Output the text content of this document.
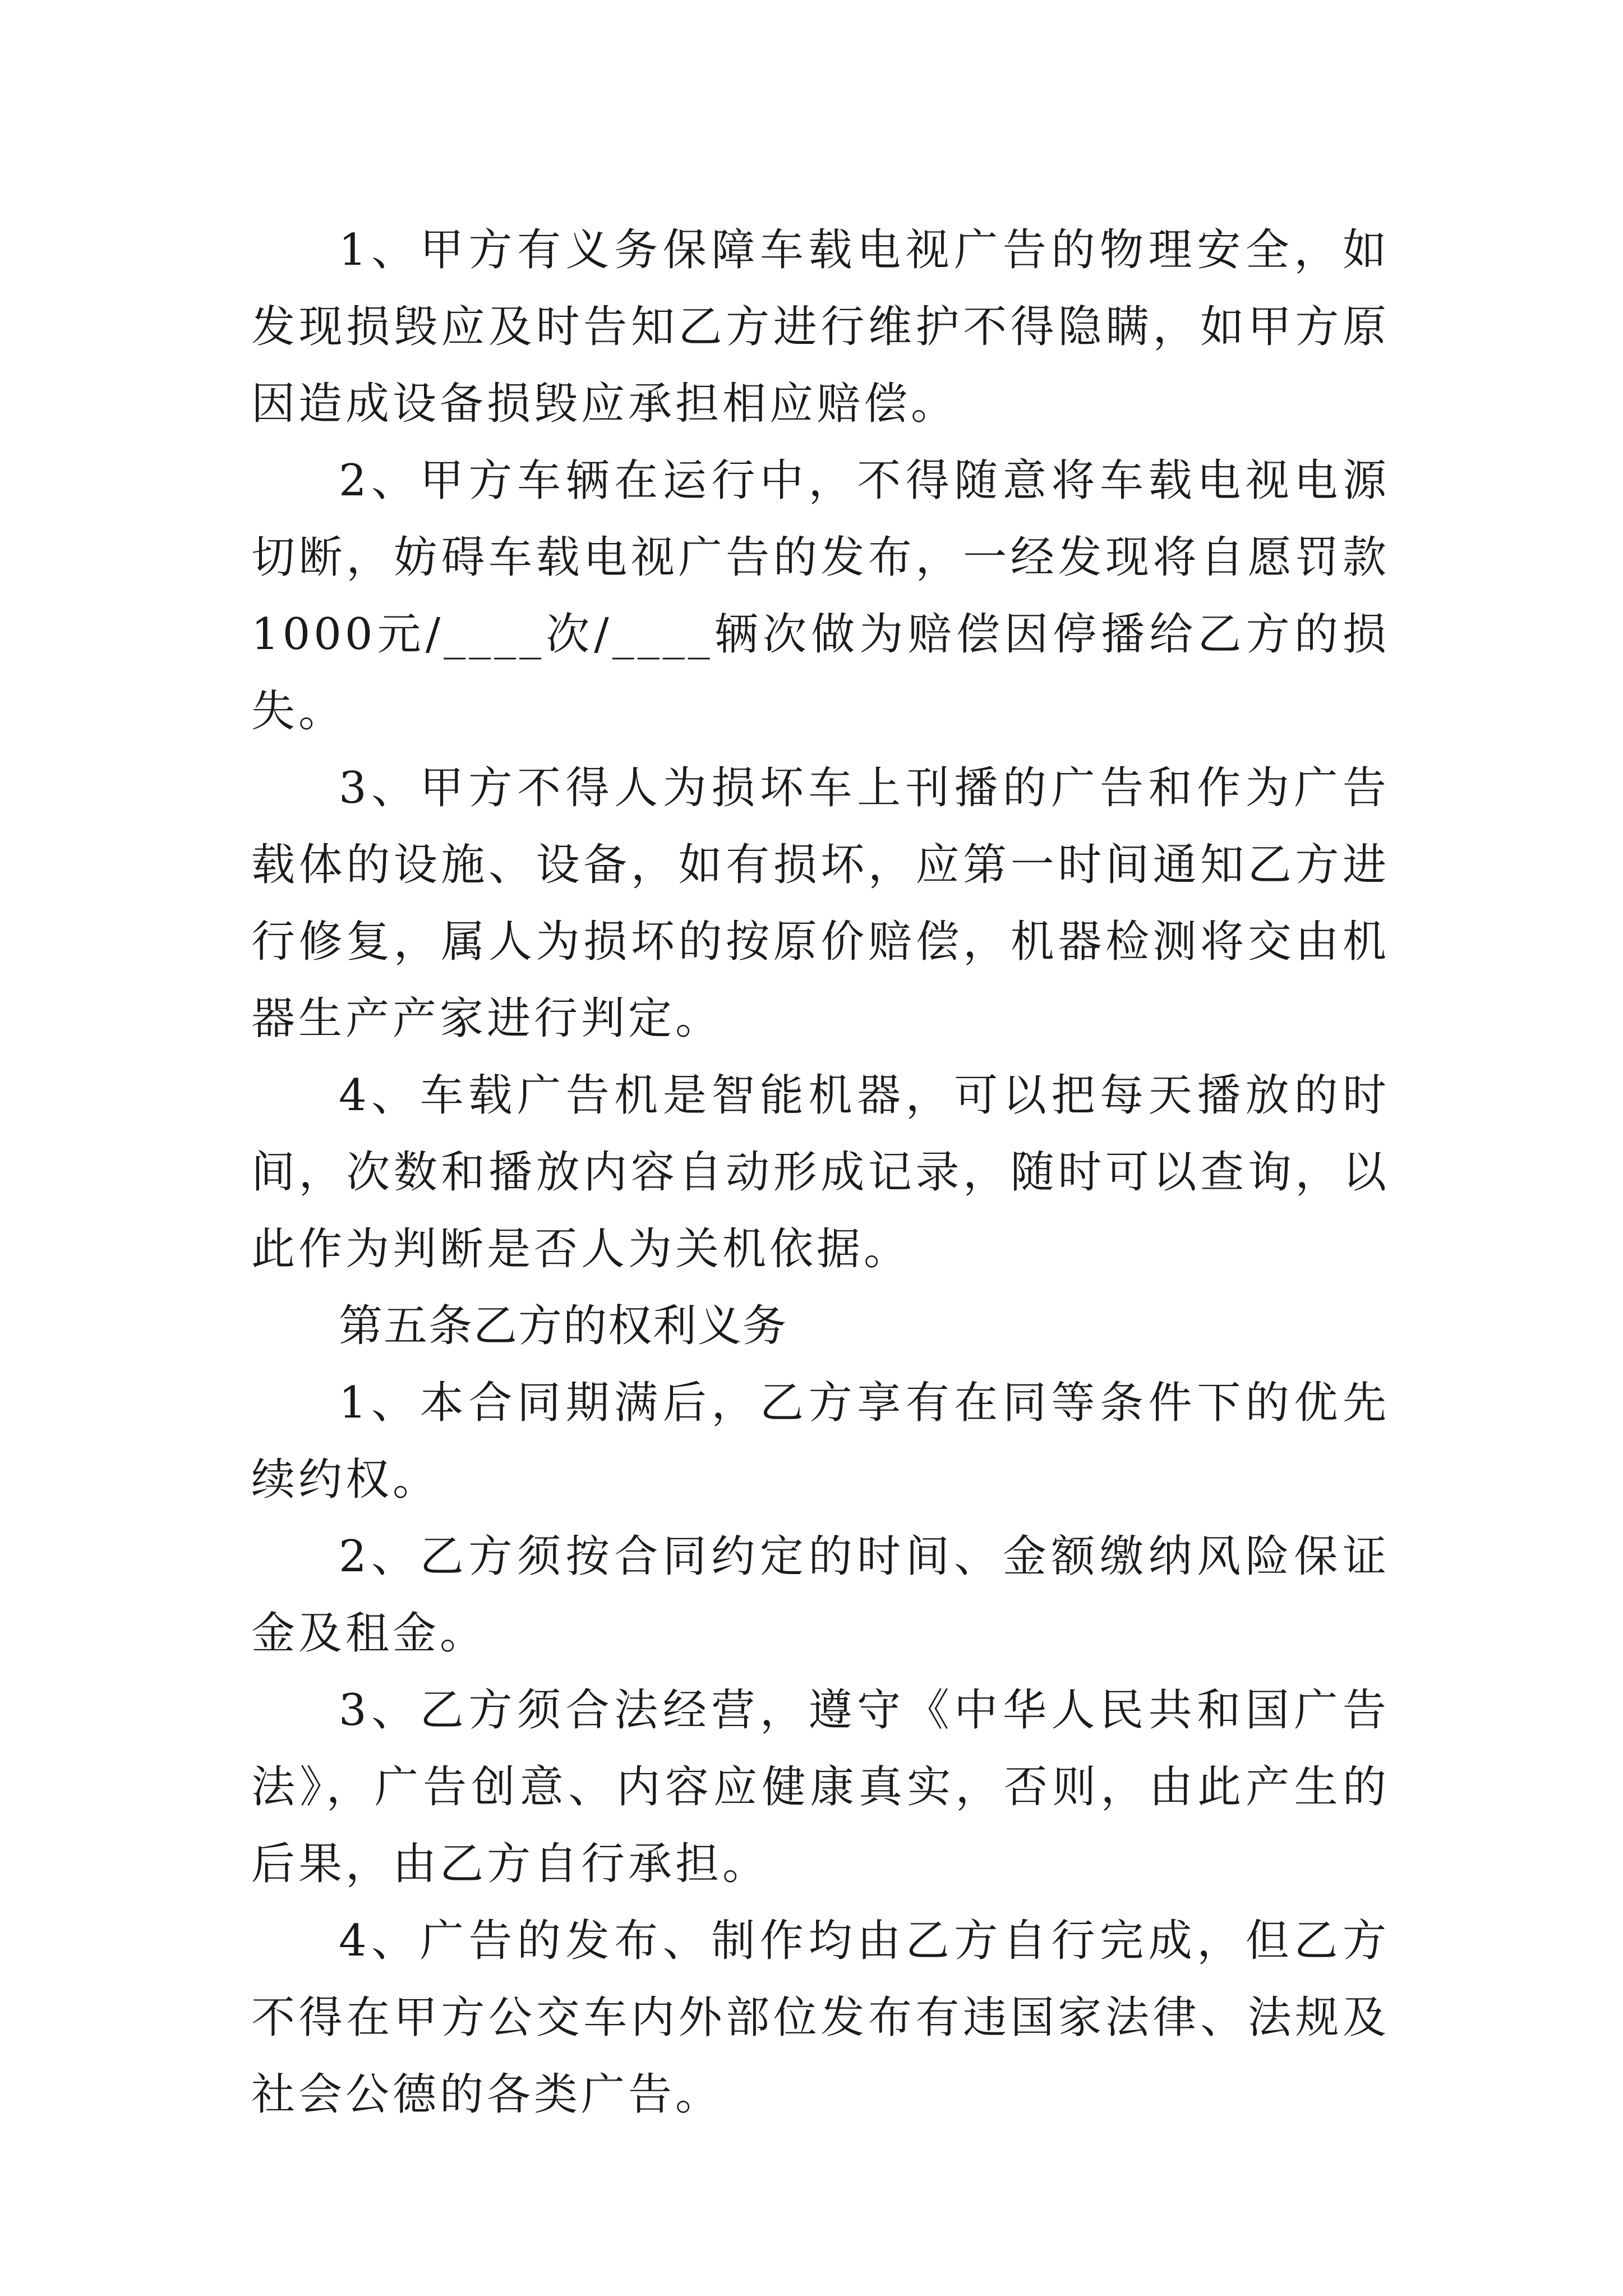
1、甲方有义务保障车载电视广告的物理安全，如发现损毁应及时告知乙方进行维护不得隐瞒，如甲方原因造成设备损毁应承担相应赔偿。

2、甲方车辆在运行中，不得随意将车载电视电源切断，妨碍车载电视广告的发布，一经发现将自愿罚款1000元/____次/____辆次做为赔偿因停播给乙方的损失。

3、甲方不得人为损坏车上刊播的广告和作为广告载体的设施、设备，如有损坏，应第一时间通知乙方进行修复，属人为损坏的按原价赔偿，机器检测将交由机器生产产家进行判定。

4、车载广告机是智能机器，可以把每天播放的时间，次数和播放内容自动形成记录，随时可以查询，以此作为判断是否人为关机依据。

第五条乙方的权利义务

1、本合同期满后，乙方享有在同等条件下的优先续约权。

2、乙方须按合同约定的时间、金额缴纳风险保证金及租金。

3、乙方须合法经营，遵守《中华人民共和国广告法》，广告创意、内容应健康真实，否则，由此产生的后果，由乙方自行承担。

4、广告的发布、制作均由乙方自行完成，但乙方不得在甲方公交车内外部位发布有违国家法律、法规及社会公德的各类广告。
